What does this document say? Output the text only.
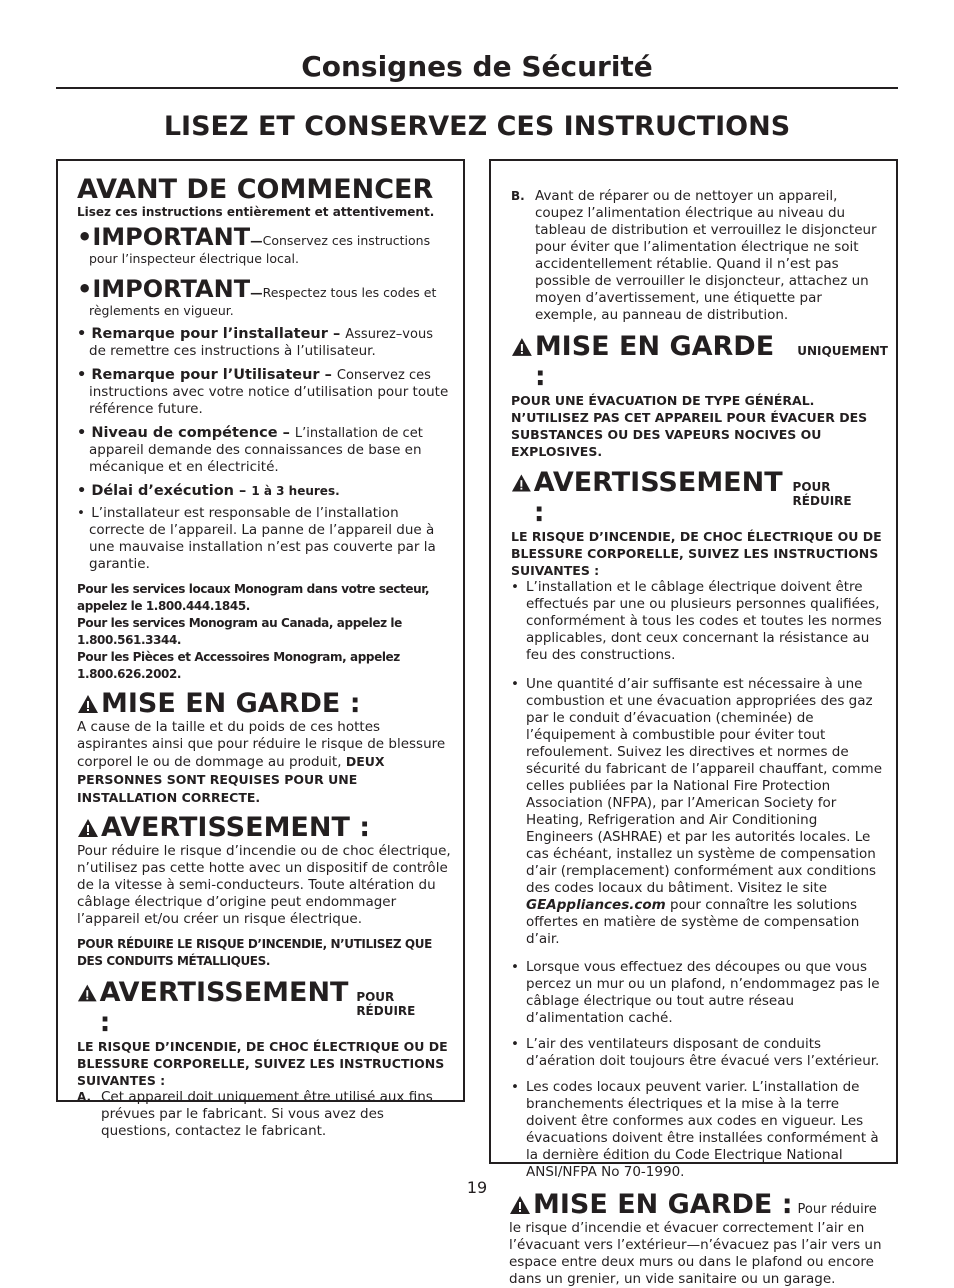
Consignes de Sécurité
LISEZ ET CONSERVEZ CES INSTRUCTIONS
AVANT DE COMMENCER
Lisez ces instructions entièrement et attentivement.
• IMPORTANT — Conservez ces instructions
pour l’inspecteur électrique local.
• IMPORTANT — Respectez tous les codes et
règlements en vigueur.
• Remarque pour l’installateur – Assurez–vous
de remettre ces instructions à l’utilisateur.
• Remarque pour l’Utilisateur – Conservez ces
instructions avec votre notice d’utilisation pour toute
référence future.
• Niveau de compétence – L’installation de cet
appareil demande des connaissances de base en
mécanique et en électricité.
• Délai d’exécution – 1 à 3 heures.
• L’installateur est responsable de l’installation
correcte de l’appareil. La panne de l’appareil due à
une mauvaise installation n’est pas couverte par la
garantie.
Pour les services locaux Monogram dans votre secteur,
appelez le 1.800.444.1845.
Pour les services Monogram au Canada, appelez le
1.800.561.3344.
Pour les Pièces et Accessoires Monogram, appelez
1.800.626.2002.
MISE EN GARDE :

A cause de la taille et du poids de ces hottes aspirantes ainsi que pour réduire le risque de blessure corporel le ou de dommage au produit, DEUX PERSONNES SONT REQUISES POUR UNE INSTALLATION CORRECTE.

AVERTISSEMENT :

Pour réduire le risque d’incendie ou de choc électrique, n’utilisez pas cette hotte avec un dispositif de contrôle de la vitesse à semi-conducteurs. Toute altération du câblage électrique d’origine peut endommager l’appareil et/ou créer un risque électrique.

POUR RÉDUIRE LE RISQUE D’INCENDIE, N’UTILISEZ QUE DES CONDUITS MÉTALLIQUES.

AVERTISSEMENT :
POUR RÉDUIRE

LE RISQUE D’INCENDIE, DE CHOC ÉLECTRIQUE OU DE BLESSURE CORPORELLE, SUIVEZ LES INSTRUCTIONS SUIVANTES :

A. Cet appareil doit uniquement être utilisé aux fins prévues par le fabricant. Si vous avez des questions, contactez le fabricant.
B. Avant de réparer ou de nettoyer un appareil, coupez l’alimentation électrique au niveau du tableau de distribution et verrouillez le disjoncteur pour éviter que l’alimentation électrique ne soit accidentellement rétablie. Quand il n’est pas possible de verrouiller le disjoncteur, attachez un moyen d’avertissement, une étiquette par exemple, au panneau de distribution.
MISE EN GARDE :
UNIQUEMENT

POUR UNE ÉVACUATION DE TYPE GÉNÉRAL. N’UTILISEZ PAS CET APPAREIL POUR ÉVACUER DES SUBSTANCES OU DES VAPEURS NOCIVES OU EXPLOSIVES.

AVERTISSEMENT :
POUR RÉDUIRE

LE RISQUE D’INCENDIE, DE CHOC ÉLECTRIQUE OU DE BLESSURE CORPORELLE, SUIVEZ LES INSTRUCTIONS SUIVANTES :

• L’installation et le câblage électrique doivent être effectués par une ou plusieurs personnes qualifiées, conformément à tous les codes et toutes les normes applicables, dont ceux concernant la résistance au feu des constructions.
• Une quantité d’air suffisante est nécessaire à une combustion et une évacuation appropriées des gaz par le conduit d’évacuation (cheminée) de l’équipement à combustible pour éviter tout refoulement. Suivez les directives et normes de sécurité du fabricant de l’appareil chauffant, comme celles publiées par la National Fire Protection Association (NFPA), par l’American Society for Heating, Refrigeration and Air Conditioning Engineers (ASHRAE) et par les autorités locales. Le cas échéant, installez un système de compensation d’air (remplacement) conformément aux conditions des codes locaux du bâtiment. Visitez le site GEAppliances.com pour connaître les solutions offertes en matière de système de compensation d’air.
• Lorsque vous effectuez des découpes ou que vous percez un mur ou un plafond, n’endommagez pas le câblage électrique ou tout autre réseau d’alimentation caché.
• L’air des ventilateurs disposant de conduits d’aération doit toujours être évacué vers l’extérieur.
• Les codes locaux peuvent varier. L’installation de branchements électriques et la mise à la terre doivent être conformes aux codes en vigueur. Les évacuations doivent être installées conformément à la dernière édition du Code Electrique National ANSI/NFPA No 70-1990.
MISE EN GARDE : Pour réduire

le risque d’incendie et évacuer correctement l’air en l’évacuant vers l’extérieur—n’évacuez pas l’air vers un espace entre deux murs ou dans le plafond ou encore dans un grenier, un vide sanitaire ou un garage.

19
